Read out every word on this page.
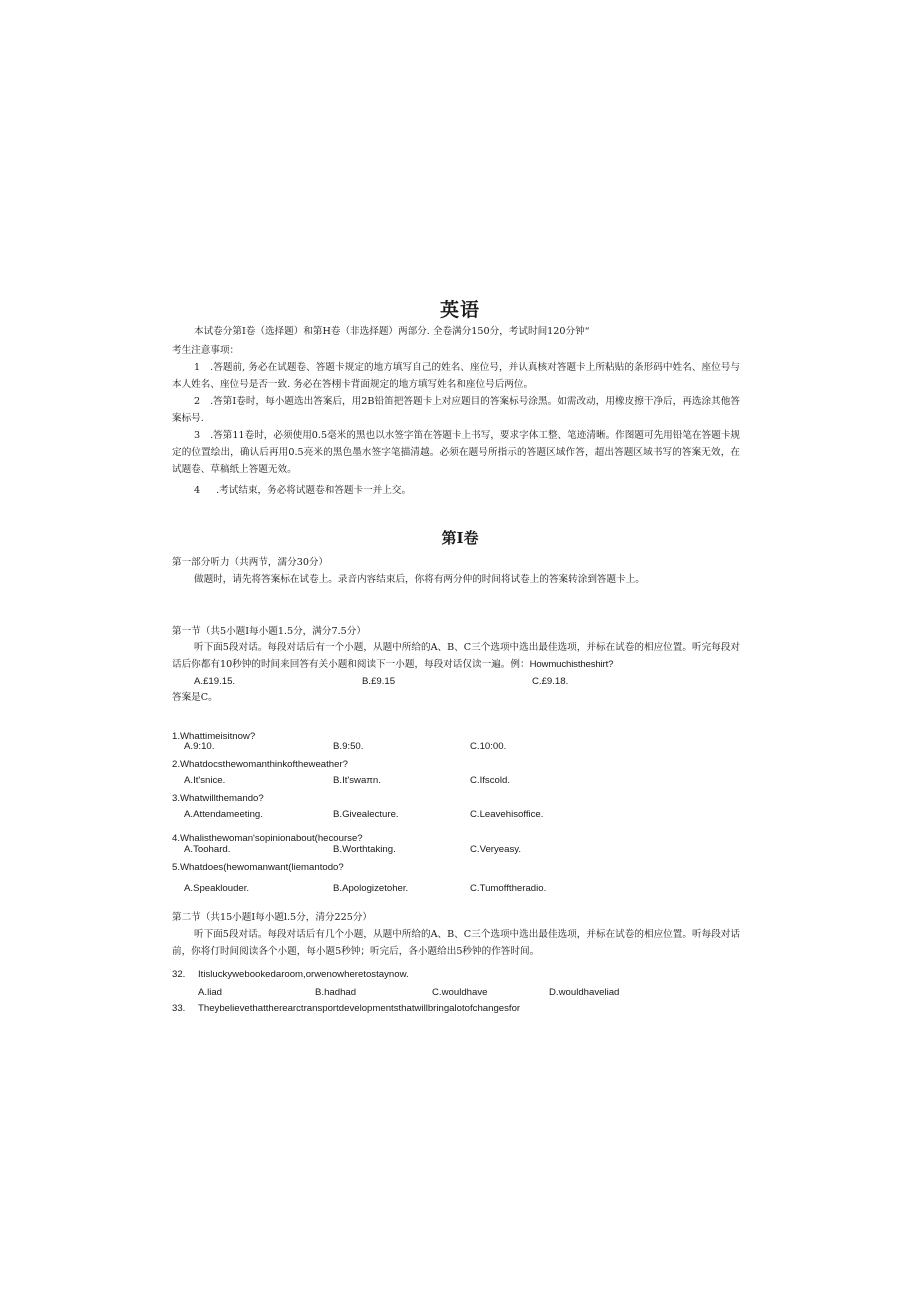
英语
本试卷分第I卷（选择题）和第H卷（非选择题）两部分. 全卷满分150分，考试时间120分钟“
考生注意事项：
1 .答题前, 务必在试题卷、答题卡规定的地方填写自己的姓名、座位号，并认真核对答题卡上所粘贴的条形码中姓名、座位号与本人姓名、座位号是否一致. 务必在答栩卡背面规定的地方填写姓名和座位号后两位。
2 .答第I卷时，每小题选出答案后，用2B铅笛把答题卡上对应题目的答案标号涂黑。如需改动，用橡皮擦干净后，再选涂其他答案标号.
3 .答第11卷时，必须使用0.5毫米的黑也以水签字笛在答题卡上书写，要求字体工整、笔迹清晰。作图题可先用铅笔在答题卡规定的位置绘出，确认后再用0.5亮米的黑色墨水签字笔描清越。必须在题号所指示的答题区域作答，超出答题区域书写的答案无效，在试题卷、草稿纸上答题无效。
4 .考试结束，务必将试题卷和答题卡一并上交。
第I卷
第一部分听力（共两节，濡分30分）
做题时，请先将答案标在试卷上。录音内容结束后，你将有两分仲的时间将试卷上的答案转涂到答题卡上。
第一节（共5小题I每小题1.5分，满分7.5分）
听下面5段对话。每段对话后有一个小题，从题中所给的A、B、C三个选项中选出最佳选项，并标在试卷的相应位置。听完每段对话后你都有10秒钟的时间来回答有关小题和阅读下一小题，每段对话仅读一遍。例：Howmuchistheshirt?
A.£19.15.	B.£9.15	C.£9.18.
答案是C。
1.Whattimeisitnow?
A.9:10.	B.9:50.	C.10:00.
2.Whatdocsthewomanthinkoftheweather?
A.It'snice.	B.It'swaπn.	C.Ifscold.
3.Whatwillthemando?
A.Attendameeting.	B.Givealecture.	C.Leavehisoffice.
4.Whalisthewoman'sopinionabout(hecourse?
A.Toohard.	B.Worthtaking.	C.Veryeasy.
5.Whatdoes(hewomanwant(liemantodo?
A.Speaklouder.	B.Apologizetoher.	C.Tumofftheradio.
第二节（共15小题I每小题l.5分，清分225分）
听下面5段对话。每段对话后有几个小题，从题中所给的A、B、C三个选项中选出最佳选项，并标在试卷的相应位置。听每段对话前，你将仃时间阅读各个小题，每小题5秒钟；听完后，各小题给出5秒钟的作答时间。
32. Itisluckywebookedaroom,orwenowheretostaynow.
A.liad	B.hadhad	C.wouldhave	D.wouldhaveliad
33. Theybelievethattherearctransportdevelopmentsthatwillbringalotofchangesfor
